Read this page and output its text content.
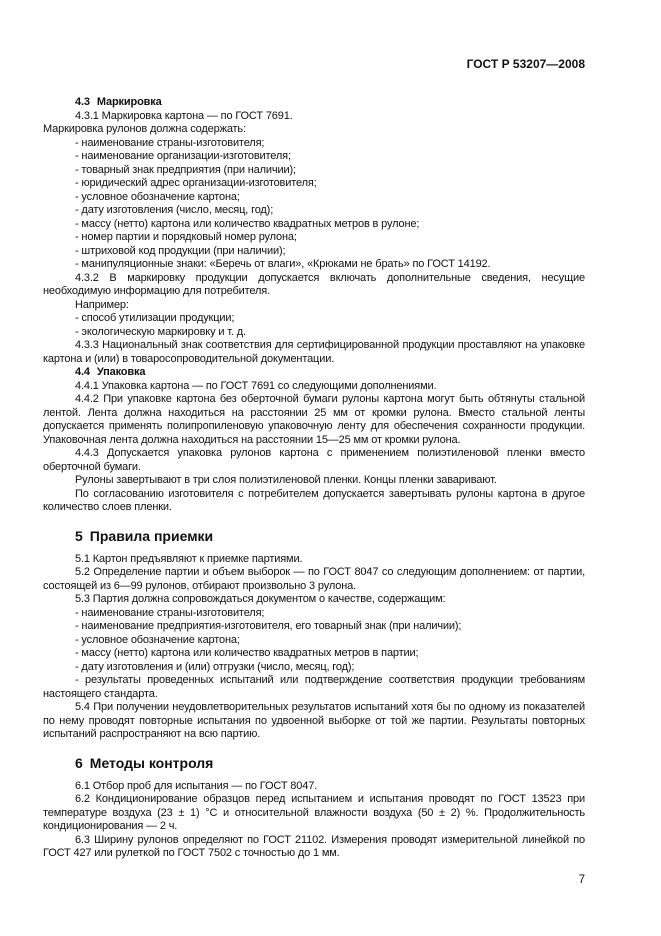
ГОСТ Р 53207—2008

4.3 Маркировка

4.3.1 Маркировка картона — по ГОСТ 7691.

Маркировка рулонов должна содержать:

- наименование страны-изготовителя;

- наименование организации-изготовителя;

- товарный знак предприятия (при наличии);

- юридический адрес организации-изготовителя;

- условное обозначение картона;

- дату изготовления (число, месяц, год);

- массу (нетто) картона или количество квадратных метров в рулоне;

- номер партии и порядковый номер рулона;

- штриховой код продукции (при наличии);

- манипуляционные знаки: «Беречь от влаги», «Крюками не брать» по ГОСТ 14192.

4.3.2 В маркировку продукции допускается включать дополнительные сведения, несущие необходимую информацию для потребителя.

Например:

- способ утилизации продукции;

- экологическую маркировку и т. д.

4.3.3 Национальный знак соответствия для сертифицированной продукции проставляют на упаковке картона и (или) в товаросопроводительной документации.

4.4 Упаковка

4.4.1 Упаковка картона — по ГОСТ 7691 со следующими дополнениями.

4.4.2 При упаковке картона без оберточной бумаги рулоны картона могут быть обтянуты стальной лентой. Лента должна находиться на расстоянии 25 мм от кромки рулона. Вместо стальной ленты допускается применять полипропиленовую упаковочную ленту для обеспечения сохранности продукции. Упаковочная лента должна находиться на расстоянии 15—25 мм от кромки рулона.

4.4.3 Допускается упаковка рулонов картона с применением полиэтиленовой пленки вместо оберточной бумаги.

Рулоны завертывают в три слоя полиэтиленовой пленки. Концы пленки заваривают.

По согласованию изготовителя с потребителем допускается завертывать рулоны картона в другое количество слоев пленки.

5 Правила приемки

5.1 Картон предъявляют к приемке партиями.

5.2 Определение партии и объем выборок — по ГОСТ 8047 со следующим дополнением: от партии, состоящей из 6—99 рулонов, отбирают произвольно 3 рулона.

5.3 Партия должна сопровождаться документом о качестве, содержащим:

- наименование страны-изготовителя;

- наименование предприятия-изготовителя, его товарный знак (при наличии);

- условное обозначение картона;

- массу (нетто) картона или количество квадратных метров в партии;

- дату изготовления и (или) отгрузки (число, месяц, год);

- результаты проведенных испытаний или подтверждение соответствия продукции требованиям настоящего стандарта.

5.4 При получении неудовлетворительных результатов испытаний хотя бы по одному из показателей по нему проводят повторные испытания по удвоенной выборке от той же партии. Результаты повторных испытаний распространяют на всю партию.

6 Методы контроля

6.1 Отбор проб для испытания — по ГОСТ 8047.

6.2 Кондиционирование образцов перед испытанием и испытания проводят по ГОСТ 13523 при температуре воздуха (23 ± 1) °С и относительной влажности воздуха (50 ± 2) %. Продолжительность кондиционирования — 2 ч.

6.3 Ширину рулонов определяют по ГОСТ 21102. Измерения проводят измерительной линейкой по ГОСТ 427 или рулеткой по ГОСТ 7502 с точностью до 1 мм.

7
